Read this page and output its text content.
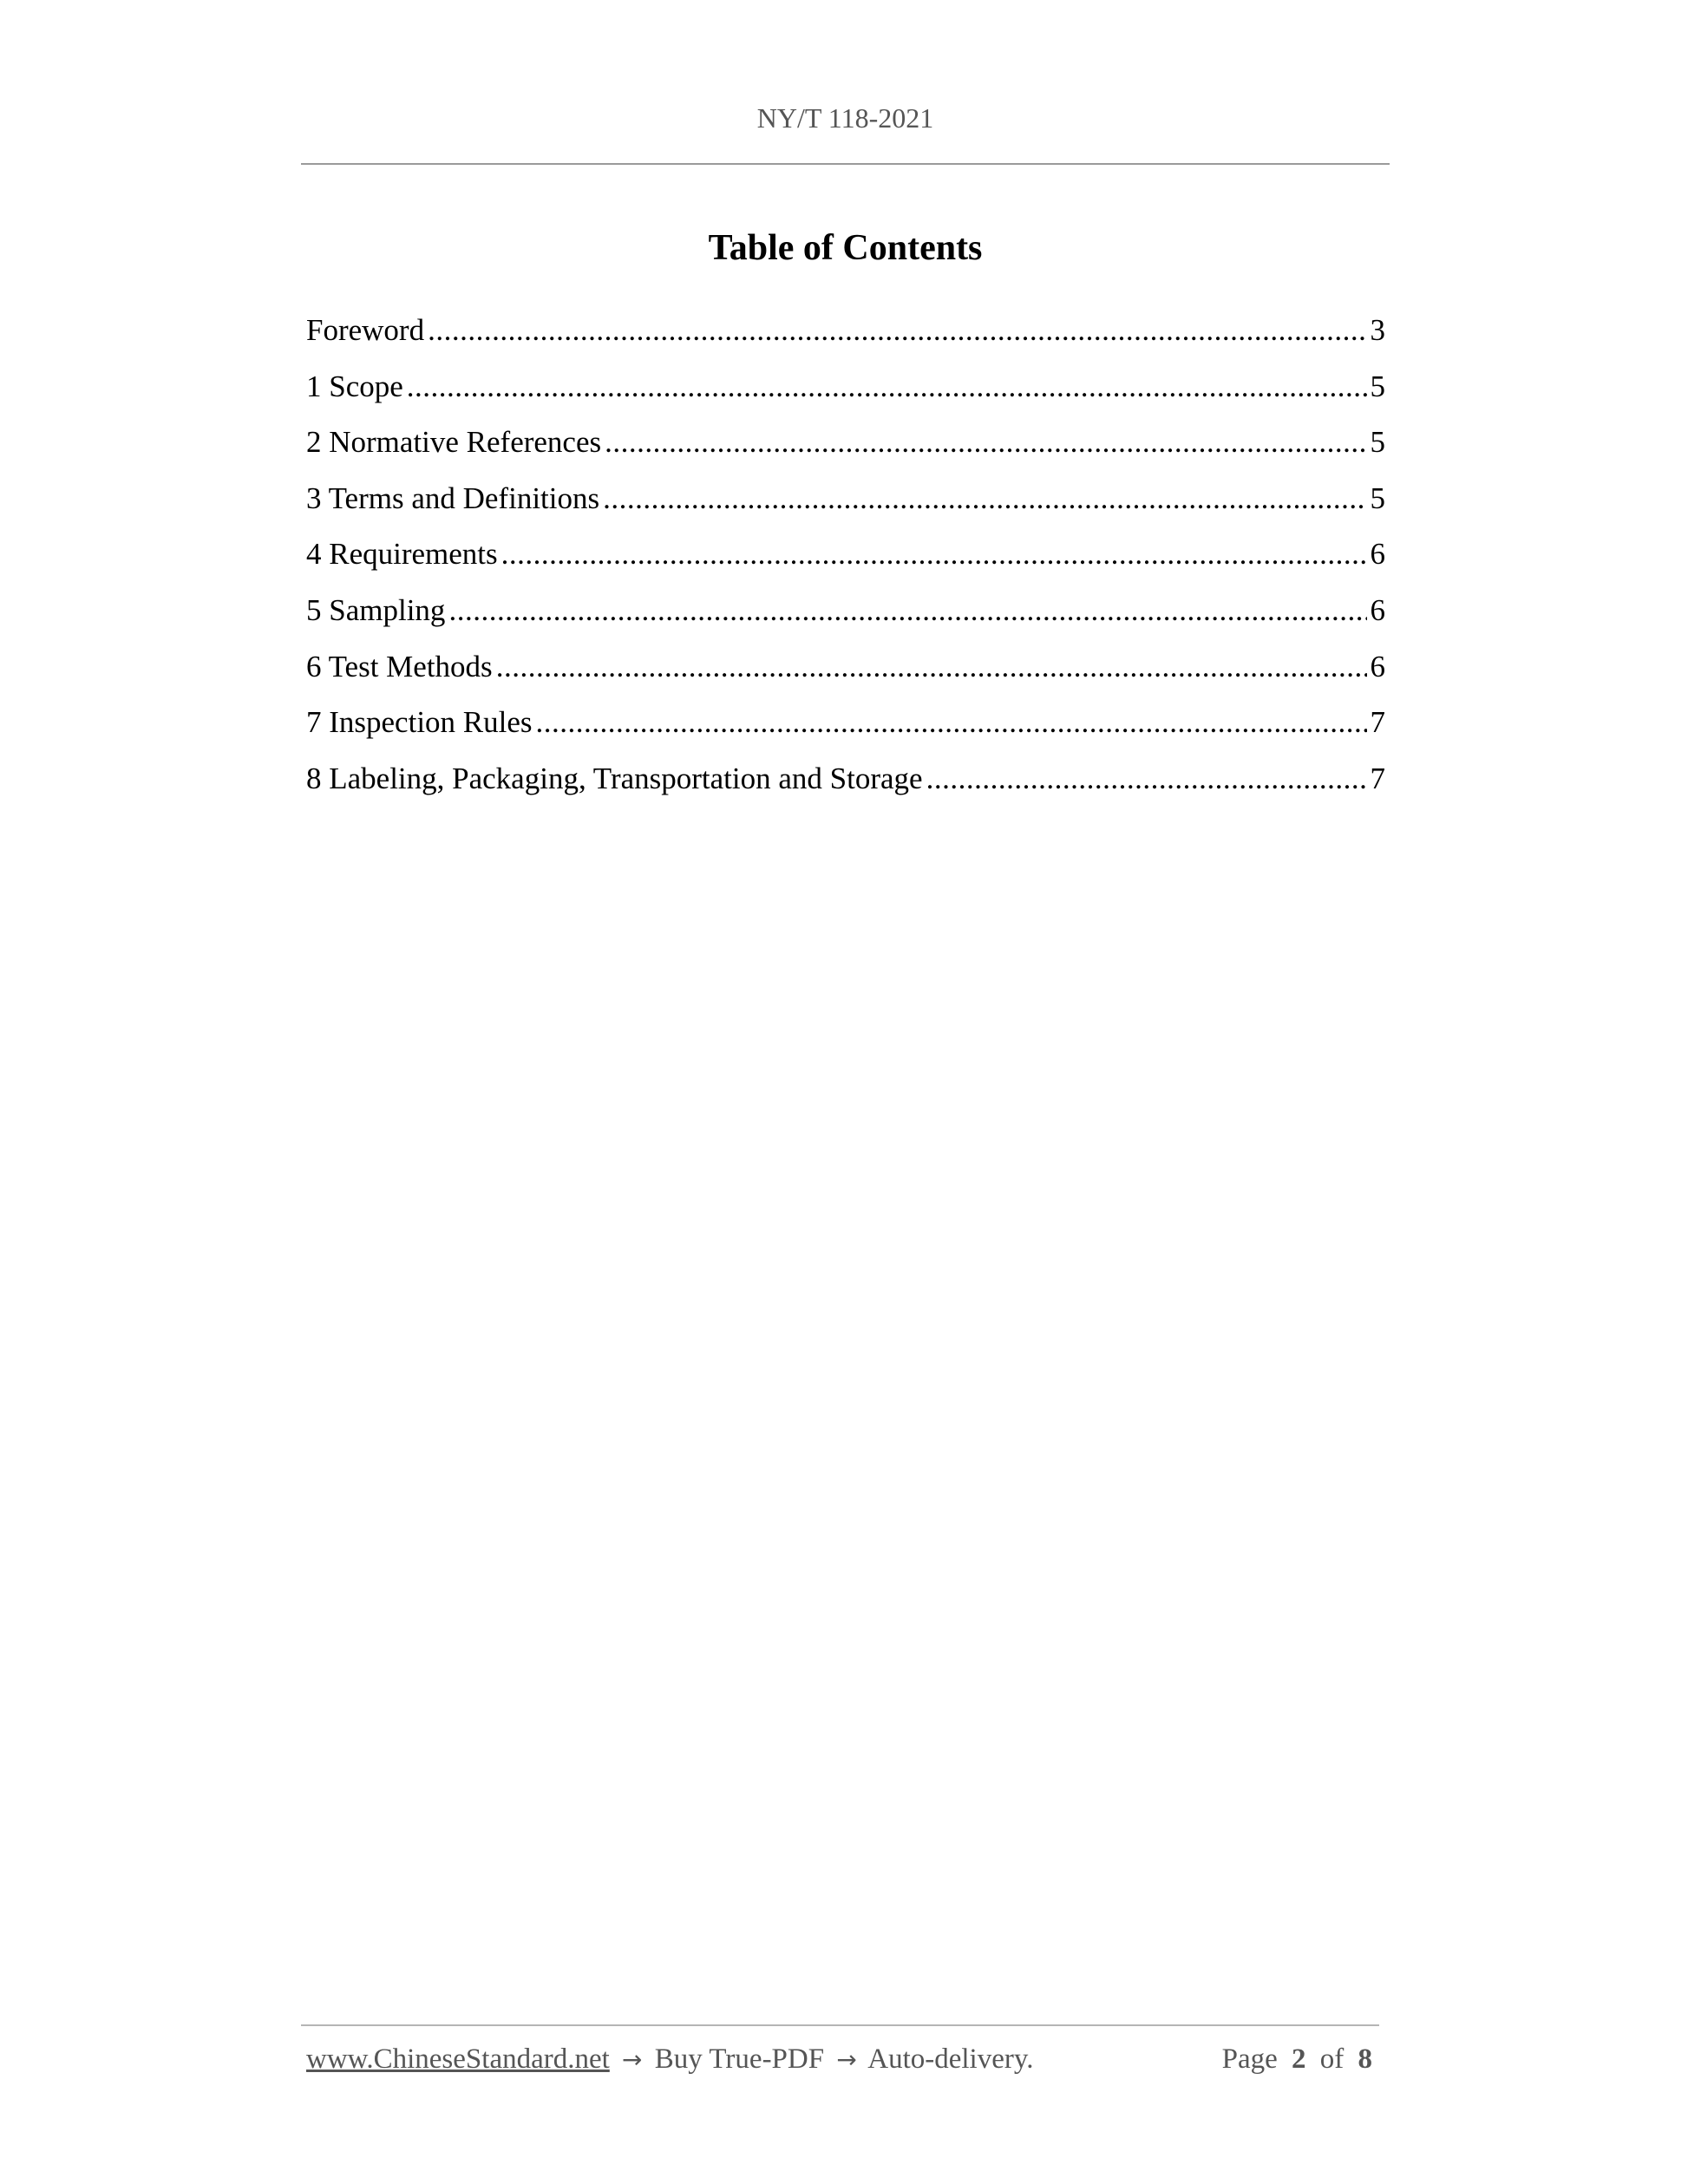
NY/T 118-2021
Table of Contents
Foreword .....	3
1 Scope .....	5
2 Normative References .....	5
3 Terms and Definitions .....	5
4 Requirements .....	6
5 Sampling .....	6
6 Test Methods .....	6
7 Inspection Rules .....	7
8 Labeling, Packaging, Transportation and Storage .....	7
www.ChineseStandard.net → Buy True-PDF → Auto-delivery.	Page 2 of 8
